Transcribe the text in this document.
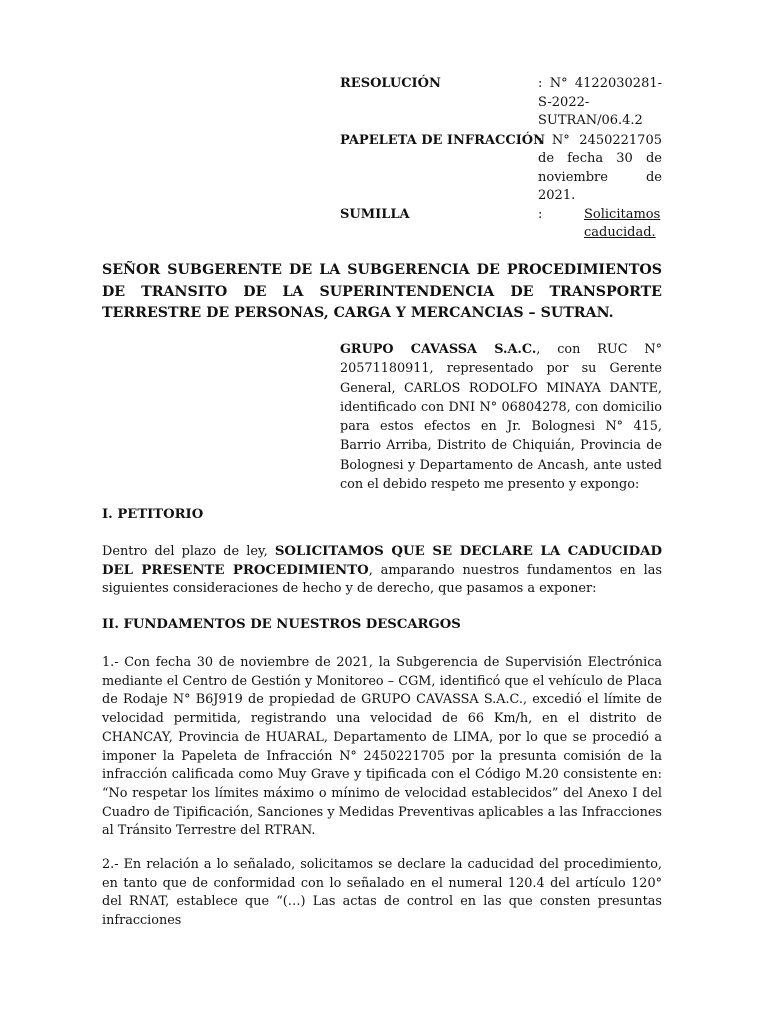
RESOLUCIÓN	: N° 4122030281-S-2022-SUTRAN/06.4.2
PAPELETA DE INFRACCIÓN
: N° 2450221705 de fecha 30 de noviembre de 2021.
SUMILLA	:	Solicitamos caducidad.
SEÑOR SUBGERENTE DE LA SUBGERENCIA DE PROCEDIMIENTOS DE TRANSITO DE LA SUPERINTENDENCIA DE TRANSPORTE TERRESTRE DE PERSONAS, CARGA Y MERCANCIAS – SUTRAN.
GRUPO CAVASSA S.A.C., con RUC N° 20571180911, representado por su Gerente General, CARLOS RODOLFO MINAYA DANTE, identificado con DNI N° 06804278, con domicilio para estos efectos en Jr. Bolognesi N° 415, Barrio Arriba, Distrito de Chiquián, Provincia de Bolognesi y Departamento de Ancash, ante usted con el debido respeto me presento y expongo:
I. PETITORIO
Dentro del plazo de ley, SOLICITAMOS QUE SE DECLARE LA CADUCIDAD DEL PRESENTE PROCEDIMIENTO, amparando nuestros fundamentos en las siguientes consideraciones de hecho y de derecho, que pasamos a exponer:
II. FUNDAMENTOS DE NUESTROS DESCARGOS
1.- Con fecha 30 de noviembre de 2021, la Subgerencia de Supervisión Electrónica mediante el Centro de Gestión y Monitoreo – CGM, identificó que el vehículo de Placa de Rodaje N° B6J919 de propiedad de GRUPO CAVASSA S.A.C., excedió el límite de velocidad permitida, registrando una velocidad de 66 Km/h, en el distrito de CHANCAY, Provincia de HUARAL, Departamento de LIMA, por lo que se procedió a imponer la Papeleta de Infracción N° 2450221705 por la presunta comisión de la infracción calificada como Muy Grave y tipificada con el Código M.20 consistente en: “No respetar los límites máximo o mínimo de velocidad establecidos” del Anexo I del Cuadro de Tipificación, Sanciones y Medidas Preventivas aplicables a las Infracciones al Tránsito Terrestre del RTRAN.
2.- En relación a lo señalado, solicitamos se declare la caducidad del procedimiento, en tanto que de conformidad con lo señalado en el numeral 120.4 del artículo 120° del RNAT, establece que “(…) Las actas de control en las que consten presuntas infracciones
